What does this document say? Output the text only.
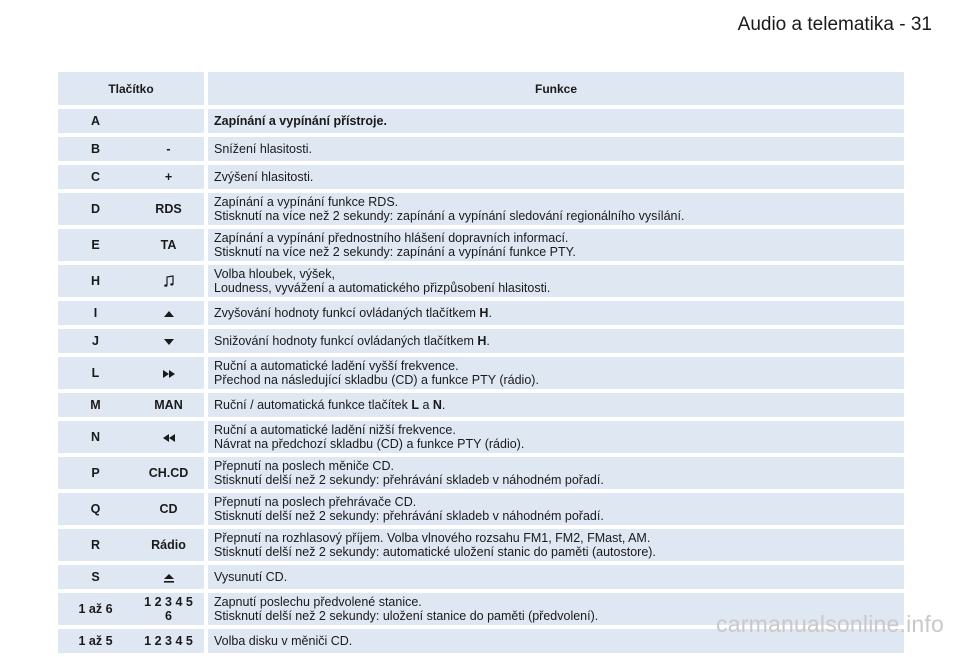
Audio a telematika - 31
Tlačítko		Funkce
A		Zapínání a vypínání přístroje.
B	-	Snížení hlasitosti.
C	+	Zvýšení hlasitosti.
D	RDS	Zapínání a vypínání funkce RDS.
Stisknutí na více než 2 sekundy: zapínání a vypínání sledování regionálního vysílání.

E	TA	Zapínání a vypínání přednostního hlášení dopravních informací.
Stisknutí na více než 2 sekundy: zapínání a vypínání funkce PTY.

H		Volba hloubek, výšek,
Loudness, vyvážení a automatického přizpůsobení hlasitosti.

I		Zvyšování hodnoty funkcí ovládaných tlačítkem H.
J		Snižování hodnoty funkcí ovládaných tlačítkem H.
L		Ruční a automatické ladění vyšší frekvence.
Přechod na následující skladbu (CD) a funkce PTY (rádio).

M	MAN	Ruční / automatická funkce tlačítek L a N.
N		Ruční a automatické ladění nižší frekvence.
Návrat na předchozí skladbu (CD) a funkce PTY (rádio).

P	CH.CD	Přepnutí na poslech měniče CD.
Stisknutí delší než 2 sekundy: přehrávání skladeb v náhodném pořadí.

Q	CD	Přepnutí na poslech přehrávače CD.
Stisknutí delší než 2 sekundy: přehrávání skladeb v náhodném pořadí.

R	Rádio	Přepnutí na rozhlasový příjem. Volba vlnového rozsahu FM1, FM2, FMast, AM.
Stisknutí delší než 2 sekundy: automatické uložení stanic do paměti (autostore).

S		Vysunutí CD.
1 až 6	1 2 3 4 5 6	Zapnutí poslechu předvolené stanice.
Stisknutí delší než 2 sekundy: uložení stanice do paměti (předvolení).

1 až 5	1 2 3 4 5	Volba disku v měniči CD.
carmanualsonline.info
